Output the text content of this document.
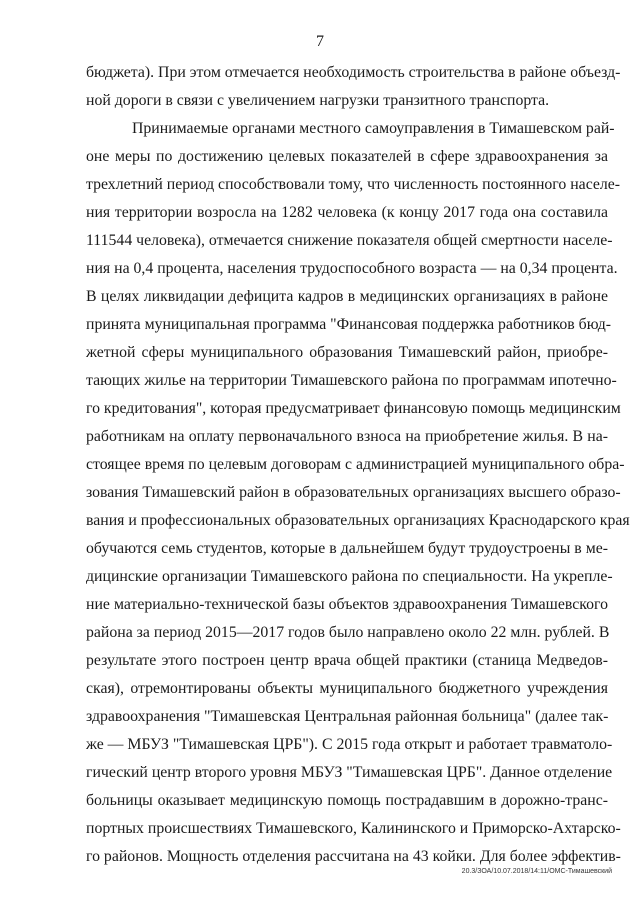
7
бюджета). При этом отмечается необходимость строительства в районе объезд-
ной дороги в связи с увеличением нагрузки транзитного транспорта.
Принимаемые органами местного самоуправления в Тимашевском рай-
оне меры по достижению целевых показателей в сфере здравоохранения за
трехлетний период способствовали тому, что численность постоянного населе-
ния территории возросла на 1282 человека (к концу 2017 года она составила
111544 человека), отмечается снижение показателя общей смертности населе-
ния на 0,4 процента, населения трудоспособного возраста — на 0,34 процента.
В целях ликвидации дефицита кадров в медицинских организациях в районе
принята муниципальная программа "Финансовая поддержка работников бюд-
жетной сферы муниципального образования Тимашевский район, приобре-
тающих жилье на территории Тимашевского района по программам ипотечно-
го кредитования", которая предусматривает финансовую помощь медицинским
работникам на оплату первоначального взноса на приобретение жилья. В на-
стоящее время по целевым договорам с администрацией муниципального обра-
зования Тимашевский район в образовательных организациях высшего образо-
вания и профессиональных образовательных организациях Краснодарского края
обучаются семь студентов, которые в дальнейшем будут трудоустроены в ме-
дицинские организации Тимашевского района по специальности. На укрепле-
ние материально-технической базы объектов здравоохранения Тимашевского
района за период 2015—2017 годов было направлено около 22 млн. рублей. В
результате этого построен центр врача общей практики (станица Медведов-
ская), отремонтированы объекты муниципального бюджетного учреждения
здравоохранения "Тимашевская Центральная районная больница" (далее так-
же — МБУЗ "Тимашевская ЦРБ"). С 2015 года открыт и работает травматоло-
гический центр второго уровня МБУЗ "Тимашевская ЦРБ". Данное отделение
больницы оказывает медицинскую помощь пострадавшим в дорожно-транс-
портных происшествиях Тимашевского, Калининского и Приморско-Ахтарско-
го районов. Мощность отделения рассчитана на 43 койки. Для более эффектив-
20.3/ЗОА/10.07.2018/14:11/ОМС-Тимашевский
